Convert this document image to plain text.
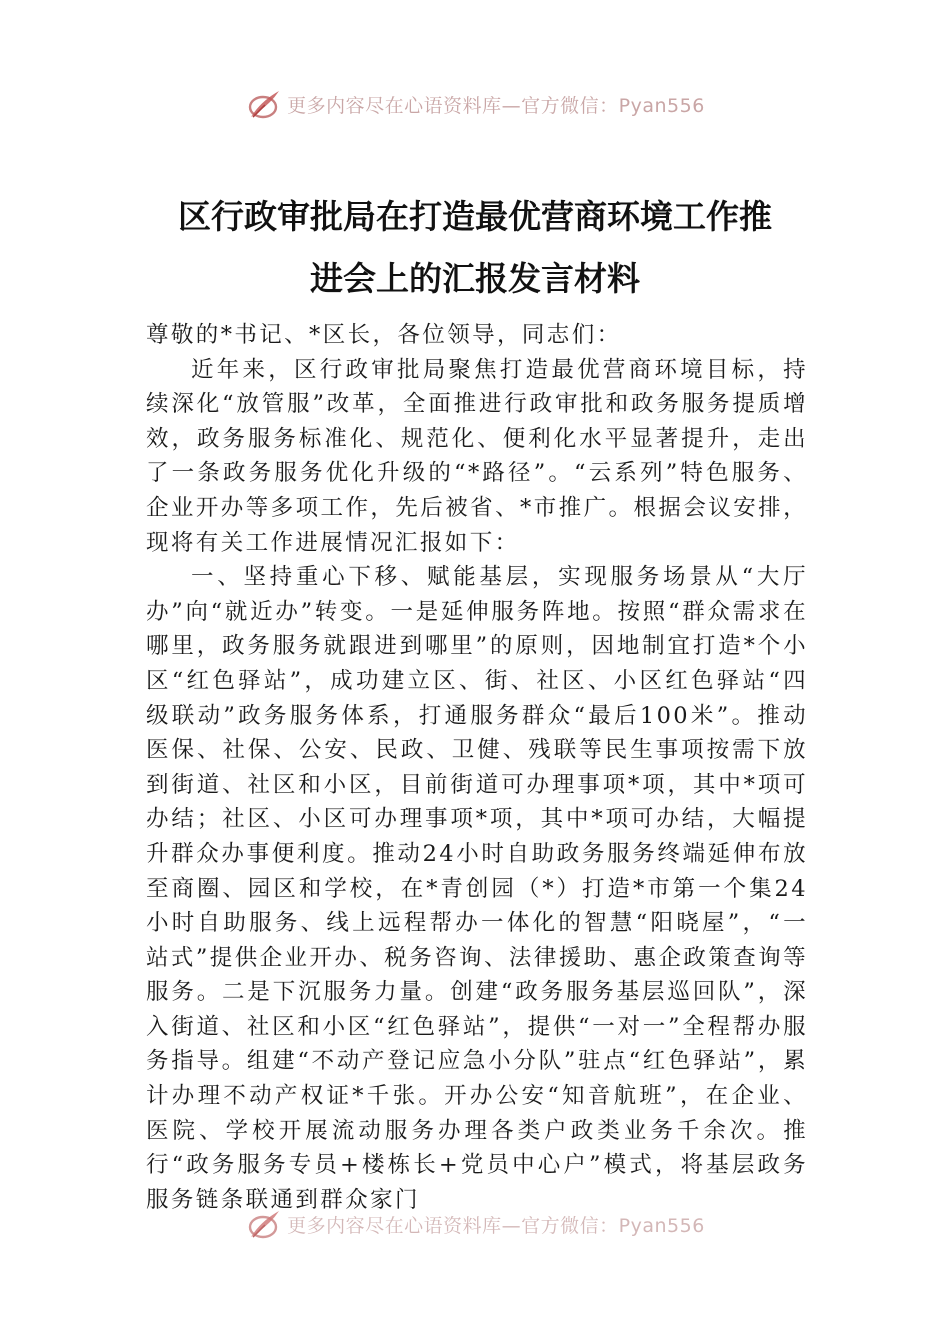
更多内容尽在心语资料库—官方微信：Pyan556
区行政审批局在打造最优营商环境工作推
进会上的汇报发言材料

尊敬的*书记、*区长，各位领导，同志们：

近年来，区行政审批局聚焦打造最优营商环境目标，持续深化“放管服”改革，全面推进行政审批和政务服务提质增效，政务服务标准化、规范化、便利化水平显著提升，走出了一条政务服务优化升级的“*路径”。“云系列”特色服务、企业开办等多项工作，先后被省、*市推广。根据会议安排，现将有关工作进展情况汇报如下：

一、坚持重心下移、赋能基层，实现服务场景从“大厅办”向“就近办”转变。一是延伸服务阵地。按照“群众需求在哪里，政务服务就跟进到哪里”的原则，因地制宜打造*个小区“红色驿站”，成功建立区、街、社区、小区红色驿站“四级联动”政务服务体系，打通服务群众“最后100米”。推动医保、社保、公安、民政、卫健、残联等民生事项按需下放到街道、社区和小区，目前街道可办理事项*项，其中*项可办结；社区、小区可办理事项*项，其中*项可办结，大幅提升群众办事便利度。推动24小时自助政务服务终端延伸布放至商圈、园区和学校，在*青创园（*）打造*市第一个集24小时自助服务、线上远程帮办一体化的智慧“阳晓屋”，“一站式”提供企业开办、税务咨询、法律援助、惠企政策查询等服务。二是下沉服务力量。创建“政务服务基层巡回队”，深入街道、社区和小区“红色驿站”，提供“一对一”全程帮办服务指导。组建“不动产登记应急小分队”驻点“红色驿站”，累计办理不动产权证*千张。开办公安“知音航班”，在企业、医院、学校开展流动服务办理各类户政类业务千余次。推行“政务服务专员+楼栋长+党员中心户”模式，将基层政务服务链条联通到群众家门

更多内容尽在心语资料库—官方微信：Pyan556
